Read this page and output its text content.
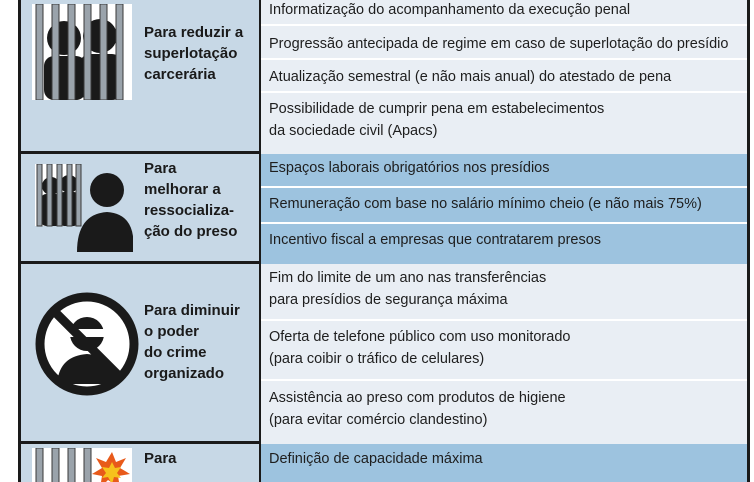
Para reduzir a
superlotação
carcerária
Informatização do acompanhamento da execução penal
Progressão antecipada de regime em caso de superlotação do presídio
Atualização semestral (e não mais anual) do atestado de pena
Possibilidade de cumprir pena em estabelecimentos
da sociedade civil (Apacs)
Para
melhorar a
ressocializa-
ção do preso
Espaços laborais obrigatórios nos presídios
Remuneração com base no salário mínimo cheio (e não mais 75%)
Incentivo fiscal a empresas que contratarem presos
Para diminuir
o poder
do crime
organizado
Fim do limite de um ano nas transferências
para presídios de segurança máxima
Oferta de telefone público com uso monitorado
(para coibir o tráfico de celulares)
Assistência ao preso com produtos de higiene
(para evitar comércio clandestino)
Para	Definição de capacidade máxima
